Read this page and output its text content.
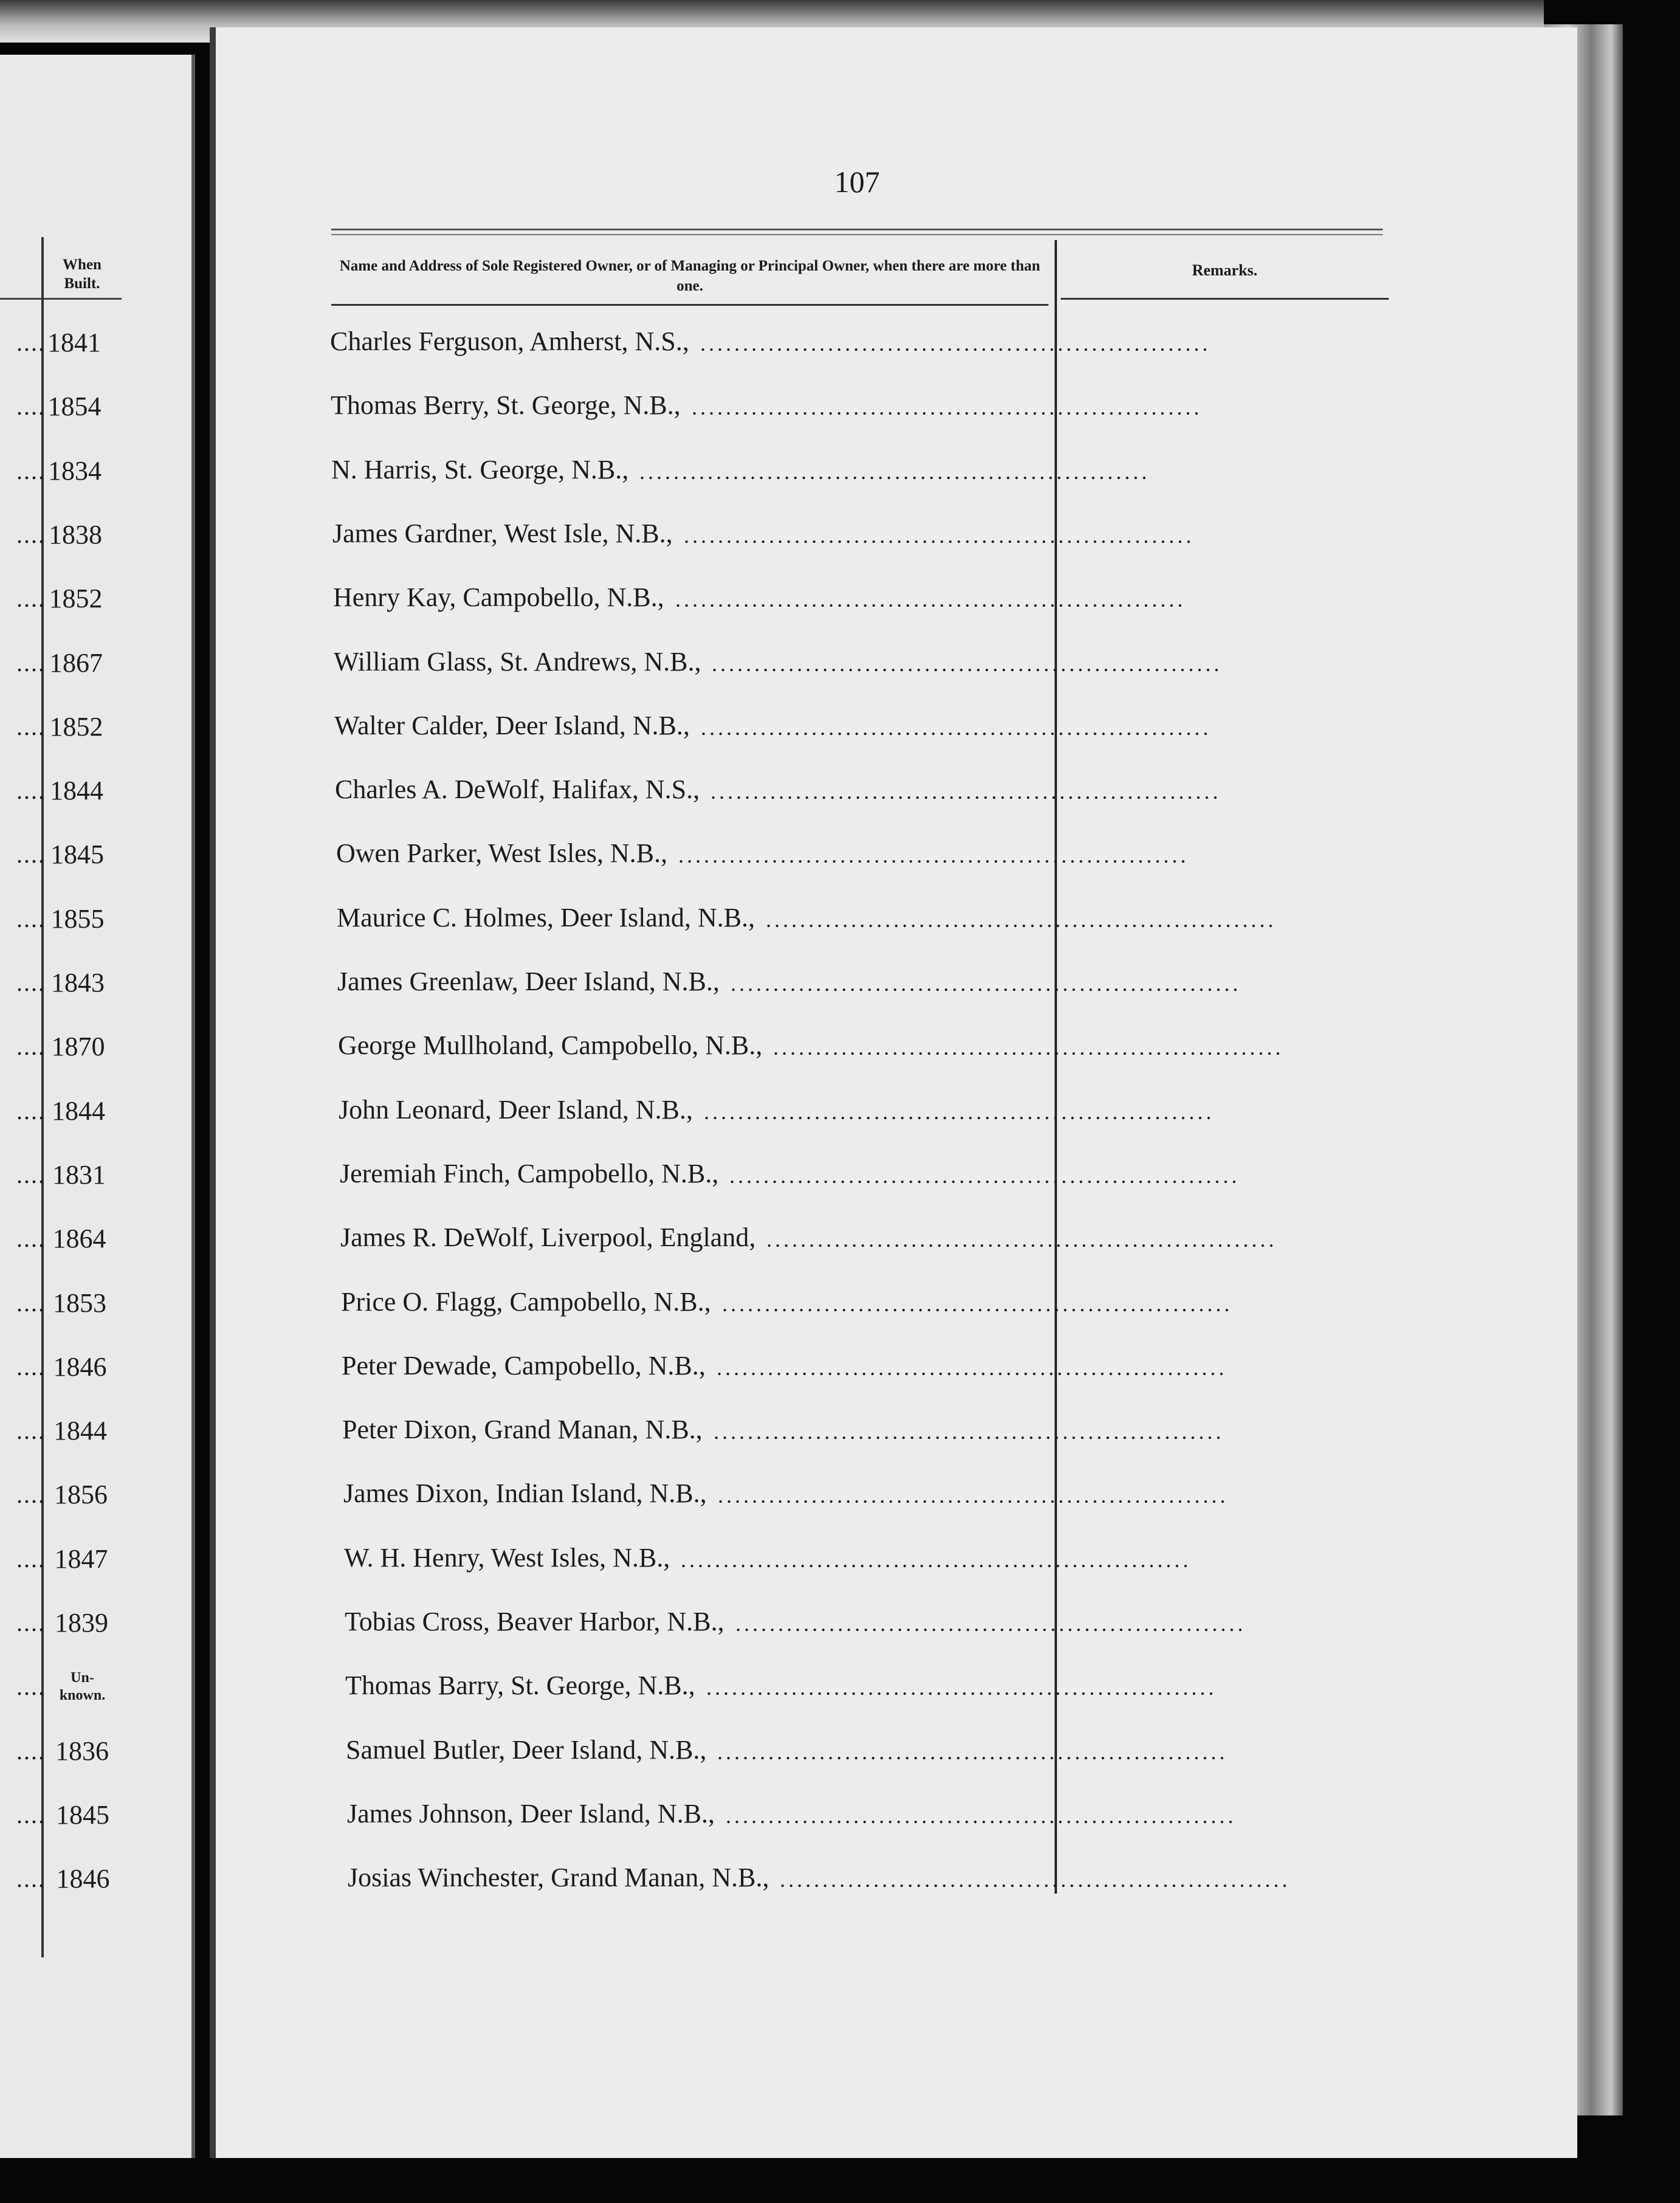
When Built.
107
Name and Address of Sole Registered Owner, or of Managing or Principal Owner, when there are more than one.
Remarks.
.... 1841	Charles Ferguson, Amherst, N.S., ............................................................
.... 1854	Thomas Berry, St. George, N.B., ............................................................
.... 1834	N. Harris, St. George, N.B., ............................................................
.... 1838	James Gardner, West Isle, N.B., ............................................................
.... 1852	Henry Kay, Campobello, N.B., ............................................................
.... 1867	William Glass, St. Andrews, N.B., ............................................................
.... 1852	Walter Calder, Deer Island, N.B., ............................................................
.... 1844	Charles A. DeWolf, Halifax, N.S., ............................................................
.... 1845	Owen Parker, West Isles, N.B., ............................................................
.... 1855	Maurice C. Holmes, Deer Island, N.B., ............................................................
.... 1843	James Greenlaw, Deer Island, N.B., ............................................................
.... 1870	George Mullholand, Campobello, N.B., ............................................................
.... 1844	John Leonard, Deer Island, N.B., ............................................................
.... 1831	Jeremiah Finch, Campobello, N.B., ............................................................
.... 1864	James R. DeWolf, Liverpool, England, ............................................................
.... 1853	Price O. Flagg, Campobello, N.B., ............................................................
.... 1846	Peter Dewade, Campobello, N.B., ............................................................
.... 1844	Peter Dixon, Grand Manan, N.B., ............................................................
.... 1856	James Dixon, Indian Island, N.B., ............................................................
.... 1847	W. H. Henry, West Isles, N.B., ............................................................
.... 1839	Tobias Cross, Beaver Harbor, N.B., ............................................................
....	Un-known.	Thomas Barry, St. George, N.B., ............................................................
.... 1836	Samuel Butler, Deer Island, N.B., ............................................................
.... 1845	James Johnson, Deer Island, N.B., ............................................................
.... 1846	Josias Winchester, Grand Manan, N.B., ............................................................
